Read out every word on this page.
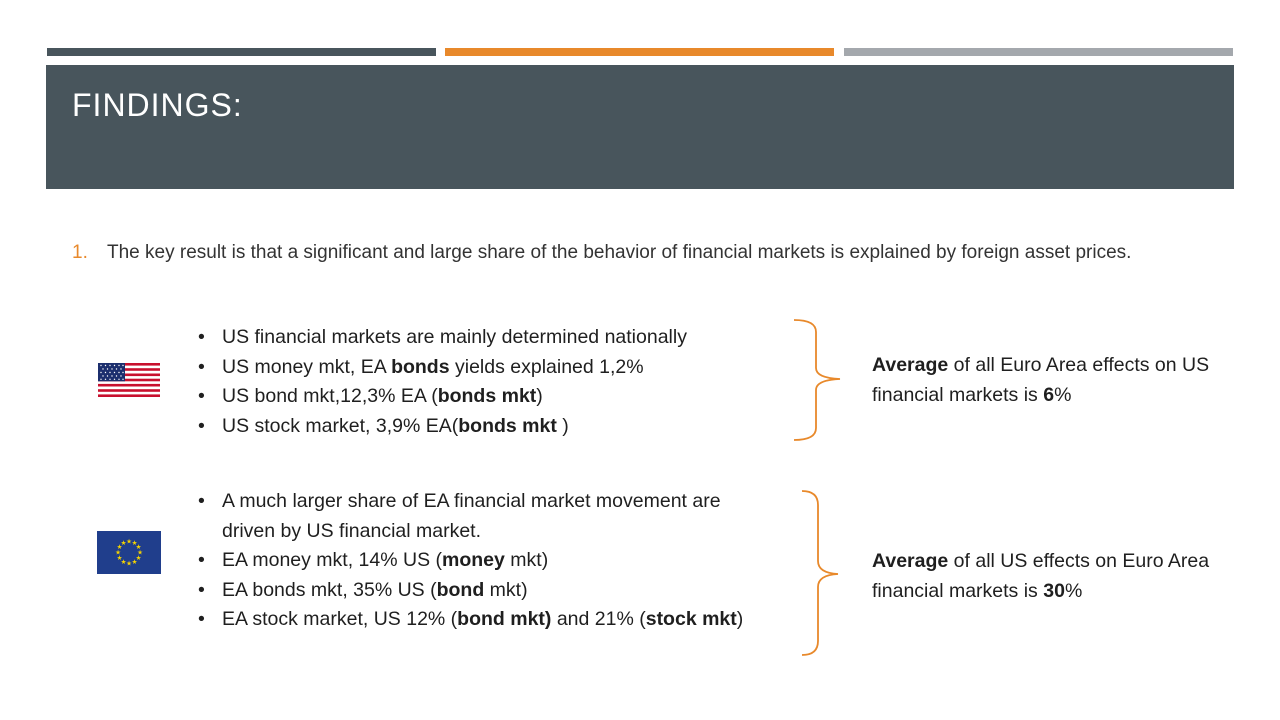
FINDINGS:
1. The key result is that a significant and large share of the behavior of financial markets is explained by foreign asset prices.
• US financial markets are mainly determined nationally
• US money mkt, EA bonds yields explained 1,2%
• US bond mkt,12,3% EA (bonds mkt)
• US stock market, 3,9% EA(bonds mkt )
Average of all Euro Area effects on US financial markets is 6%
★ ★
★
★
★
★
★
★
★
★
★
★
• A much larger share of EA financial market movement are driven by US financial market.
• EA money mkt, 14% US (money mkt)
• EA bonds mkt, 35% US (bond mkt)
• EA stock market, US 12% (bond mkt) and 21% (stock mkt)
Average of all US effects on Euro Area financial markets is 30%
